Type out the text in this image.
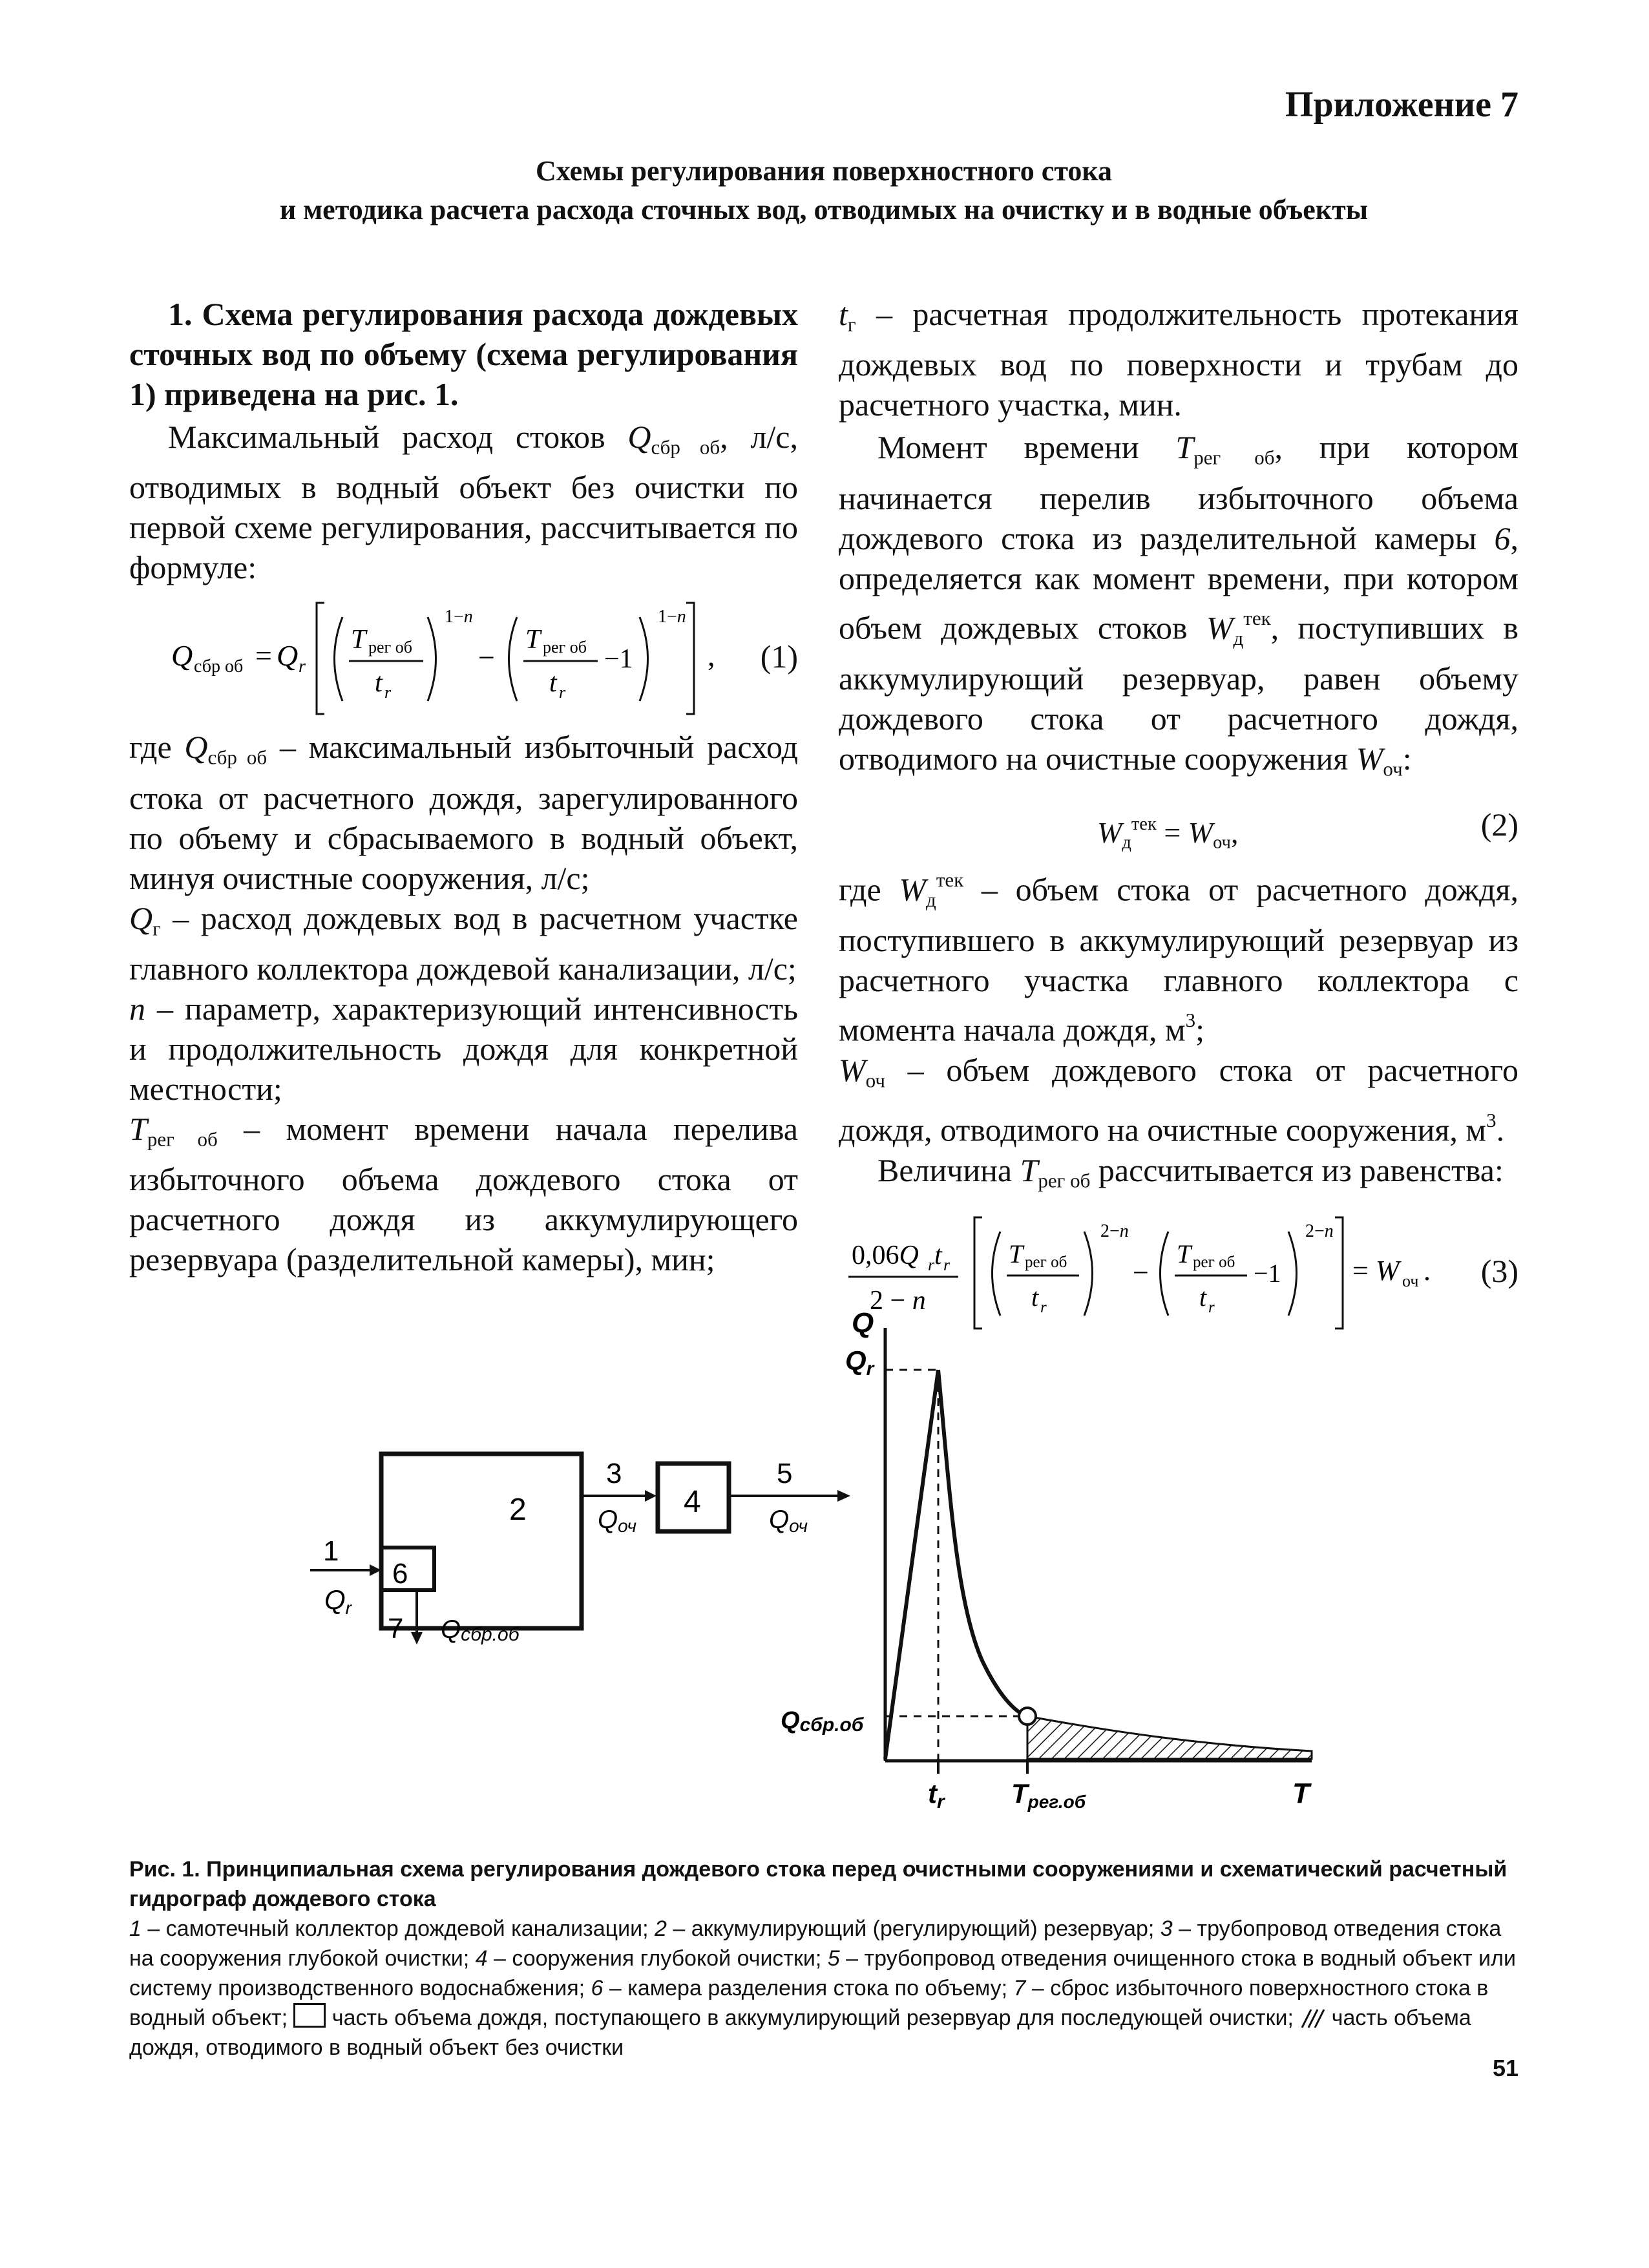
Приложение 7
Схемы регулирования поверхностного стока
и методика расчета расхода сточных вод, отводимых на очистку и в водные объекты

1. Схема регулирования расхода дождевых сточных вод по объему (схема регулирования 1) приведена на рис. 1.

Максимальный расход стоков $Q_{сбр об}$, л/с, отводимых в водный объект без очистки по первой схеме регулирования, рассчитывается по формуле:

Q сбр об = Q r
T рег об
t r
1−n
−
T рег об
t r
−1
1−n
, (1)

где $Q_{сбр об}$ – максимальный избыточный расход стока от расчетного дождя, зарегулированного по объему и сбрасываемого в водный объект, минуя очистные сооружения, л/с;

$Q_г$ – расход дождевых вод в расчетном участке главного коллектора дождевой канализации, л/с;

n – параметр, характеризующий интенсивность и продолжительность дождя для конкретной местности;

$T_{рег об}$ – момент времени начала перелива избыточного объема дождевого стока от расчетного дождя из аккумулирующего резервуара (разделительной камеры), мин;

$t_г$ – расчетная продолжительность протекания дождевых вод по поверхности и трубам до расчетного участка, мин.

Момент времени $T_{рег об}$, при котором начинается перелив избыточного объема дождевого стока из разделительной камеры 6, определяется как момент времени, при котором объем дождевых стоков $W_д^{тек}$, поступивших в аккумулирующий резервуар, равен объему дождевого стока от расчетного дождя, отводимого на очистные сооружения $W_{оч}$:

$W_д^{тек} = W_{оч}$,	(2)

где $W_д^{тек}$ – объем стока от расчетного дождя, поступившего в аккумулирующий резервуар из расчетного участка главного коллектора с момента начала дождя, $м^3$;

$W_{оч}$ – объем дождевого стока от расчетного дождя, отводимого на очистные сооружения, $м^3$.

Величина $T_{рег об}$ рассчитывается из равенства:

0,06Q r t r
2 − n
T рег об
t r
2−n
−
T рег об
t r
−1
2−n
= W оч . (3)
2
6
1
Qr
3
Qоч
4
5
Qоч
7 Qсбр.об
Q
Qr
Qсбр.об
tr Tрег.об	T
Рис. 1. Принципиальная схема регулирования дождевого стока перед очистными сооружениями и схематический расчетный гидрограф дождевого стока
1 – самотечный коллектор дождевой канализации; 2 – аккумулирующий (регулирующий) резервуар; 3 – трубопровод отведения стока на сооружения глубокой очистки; 4 – сооружения глубокой очистки; 5 – трубопровод отведения очищенного стока в водный объект или систему производственного водоснабжения; 6 – камера разделения стока по объему; 7 – сброс избыточного поверхностного стока в водный объект;  часть объема дождя, поступающего в аккумулирующий резервуар для последующей очистки;  часть объема дождя, отводимого в водный объект без очистки
51
